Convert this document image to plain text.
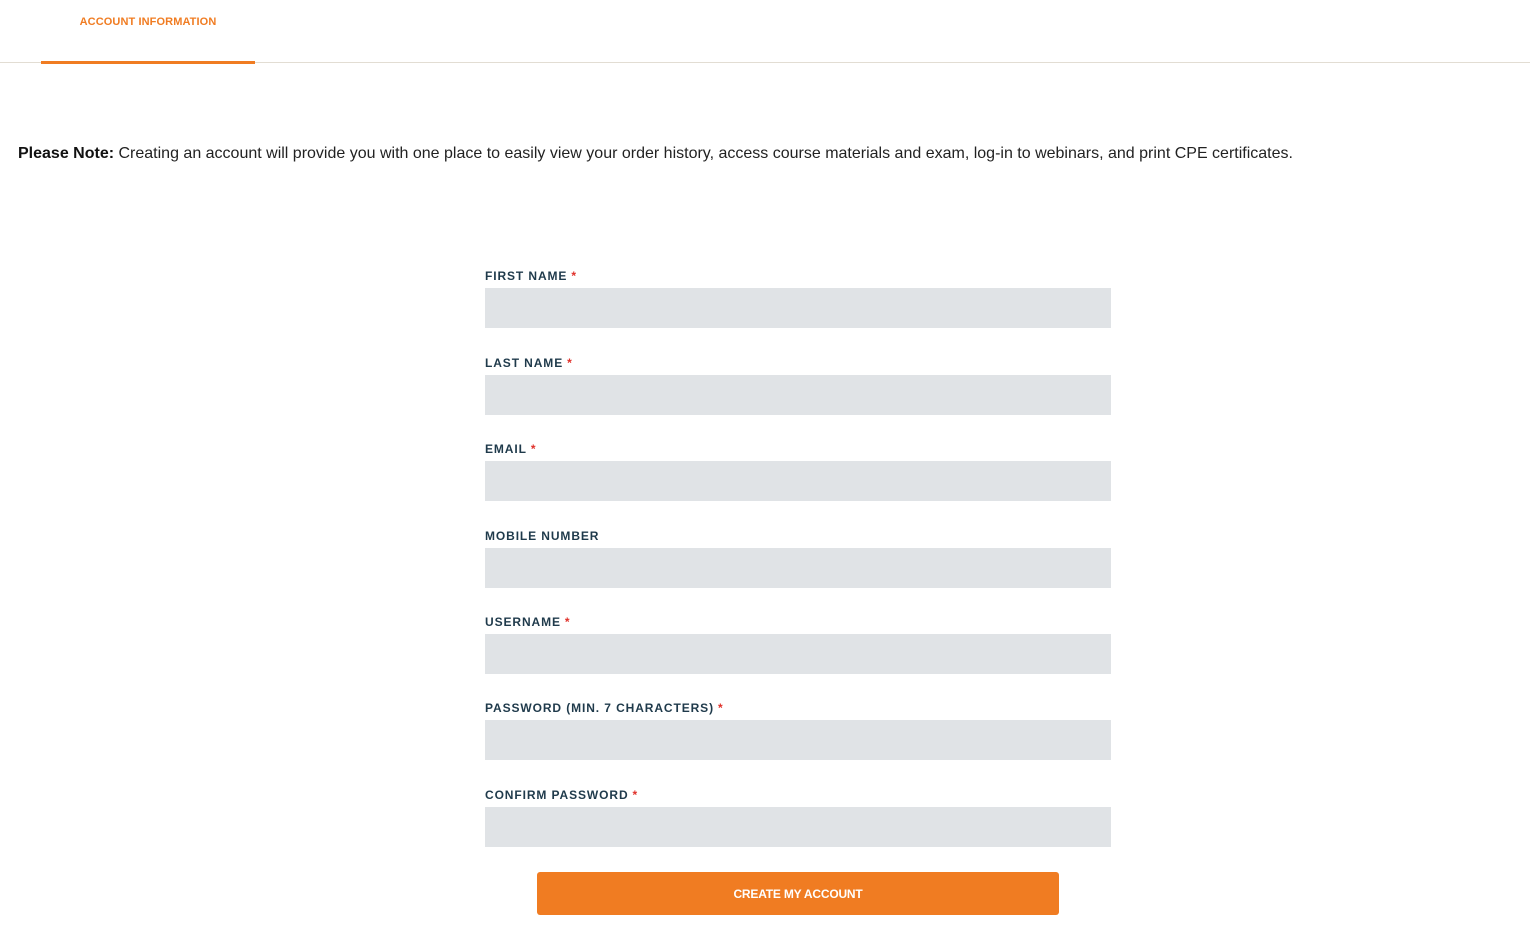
ACCOUNT INFORMATION
Please Note: Creating an account will provide you with one place to easily view your order history, access course materials and exam, log-in to webinars, and print CPE certificates.
FIRST NAME *
LAST NAME *
EMAIL *
MOBILE NUMBER
USERNAME *
PASSWORD (MIN. 7 CHARACTERS) *
CONFIRM PASSWORD *
CREATE MY ACCOUNT
